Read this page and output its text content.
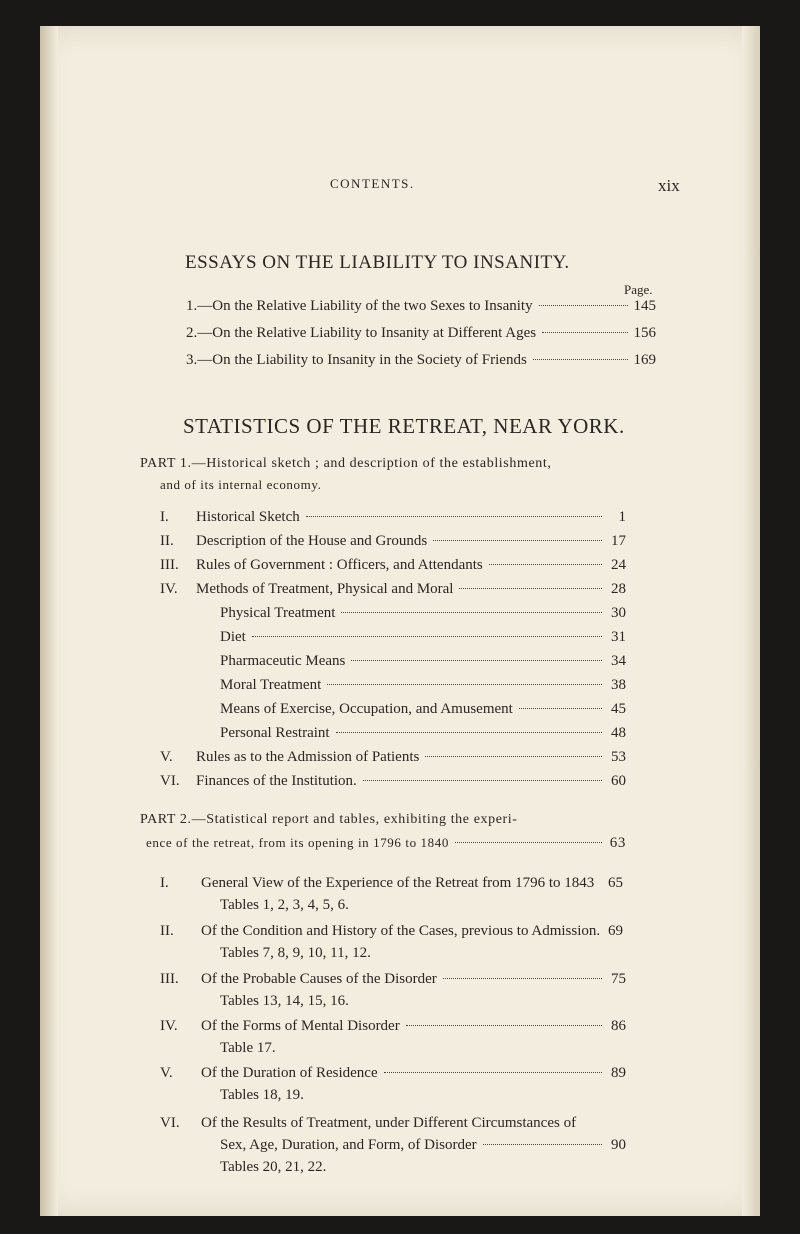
CONTENTS.	xix
ESSAYS ON THE LIABILITY TO INSANITY.
Page.
1.—On the Relative Liability of the two Sexes to Insanity	145
2.—On the Relative Liability to Insanity at Different Ages	156
3.—On the Liability to Insanity in the Society of Friends	169
STATISTICS OF THE RETREAT, NEAR YORK.
PART 1.—Historical sketch ; and description of the establishment,
and of its internal economy.
I. Historical Sketch	1
II. Description of the House and Grounds	17
III. Rules of Government : Officers, and Attendants	24
IV. Methods of Treatment, Physical and Moral	28
Physical Treatment	30
Diet	31
Pharmaceutic Means	34
Moral Treatment	38
Means of Exercise, Occupation, and Amusement	45
Personal Restraint	48
V. Rules as to the Admission of Patients	53
VI. Finances of the Institution.	60
PART 2.—Statistical report and tables, exhibiting the experi-
ence of the retreat, from its opening in 1796 to 1840	63
I. General View of the Experience of the Retreat from 1796 to 1843 65
Tables 1, 2, 3, 4, 5, 6.
II. Of the Condition and History of the Cases, previous to Admission. 69
Tables 7, 8, 9, 10, 11, 12.
III. Of the Probable Causes of the Disorder	75
Tables 13, 14, 15, 16.
IV. Of the Forms of Mental Disorder	86
Table 17.
V. Of the Duration of Residence	89
Tables 18, 19.
VI. Of the Results of Treatment, under Different Circumstances of
Sex, Age, Duration, and Form, of Disorder	90
Tables 20, 21, 22.
